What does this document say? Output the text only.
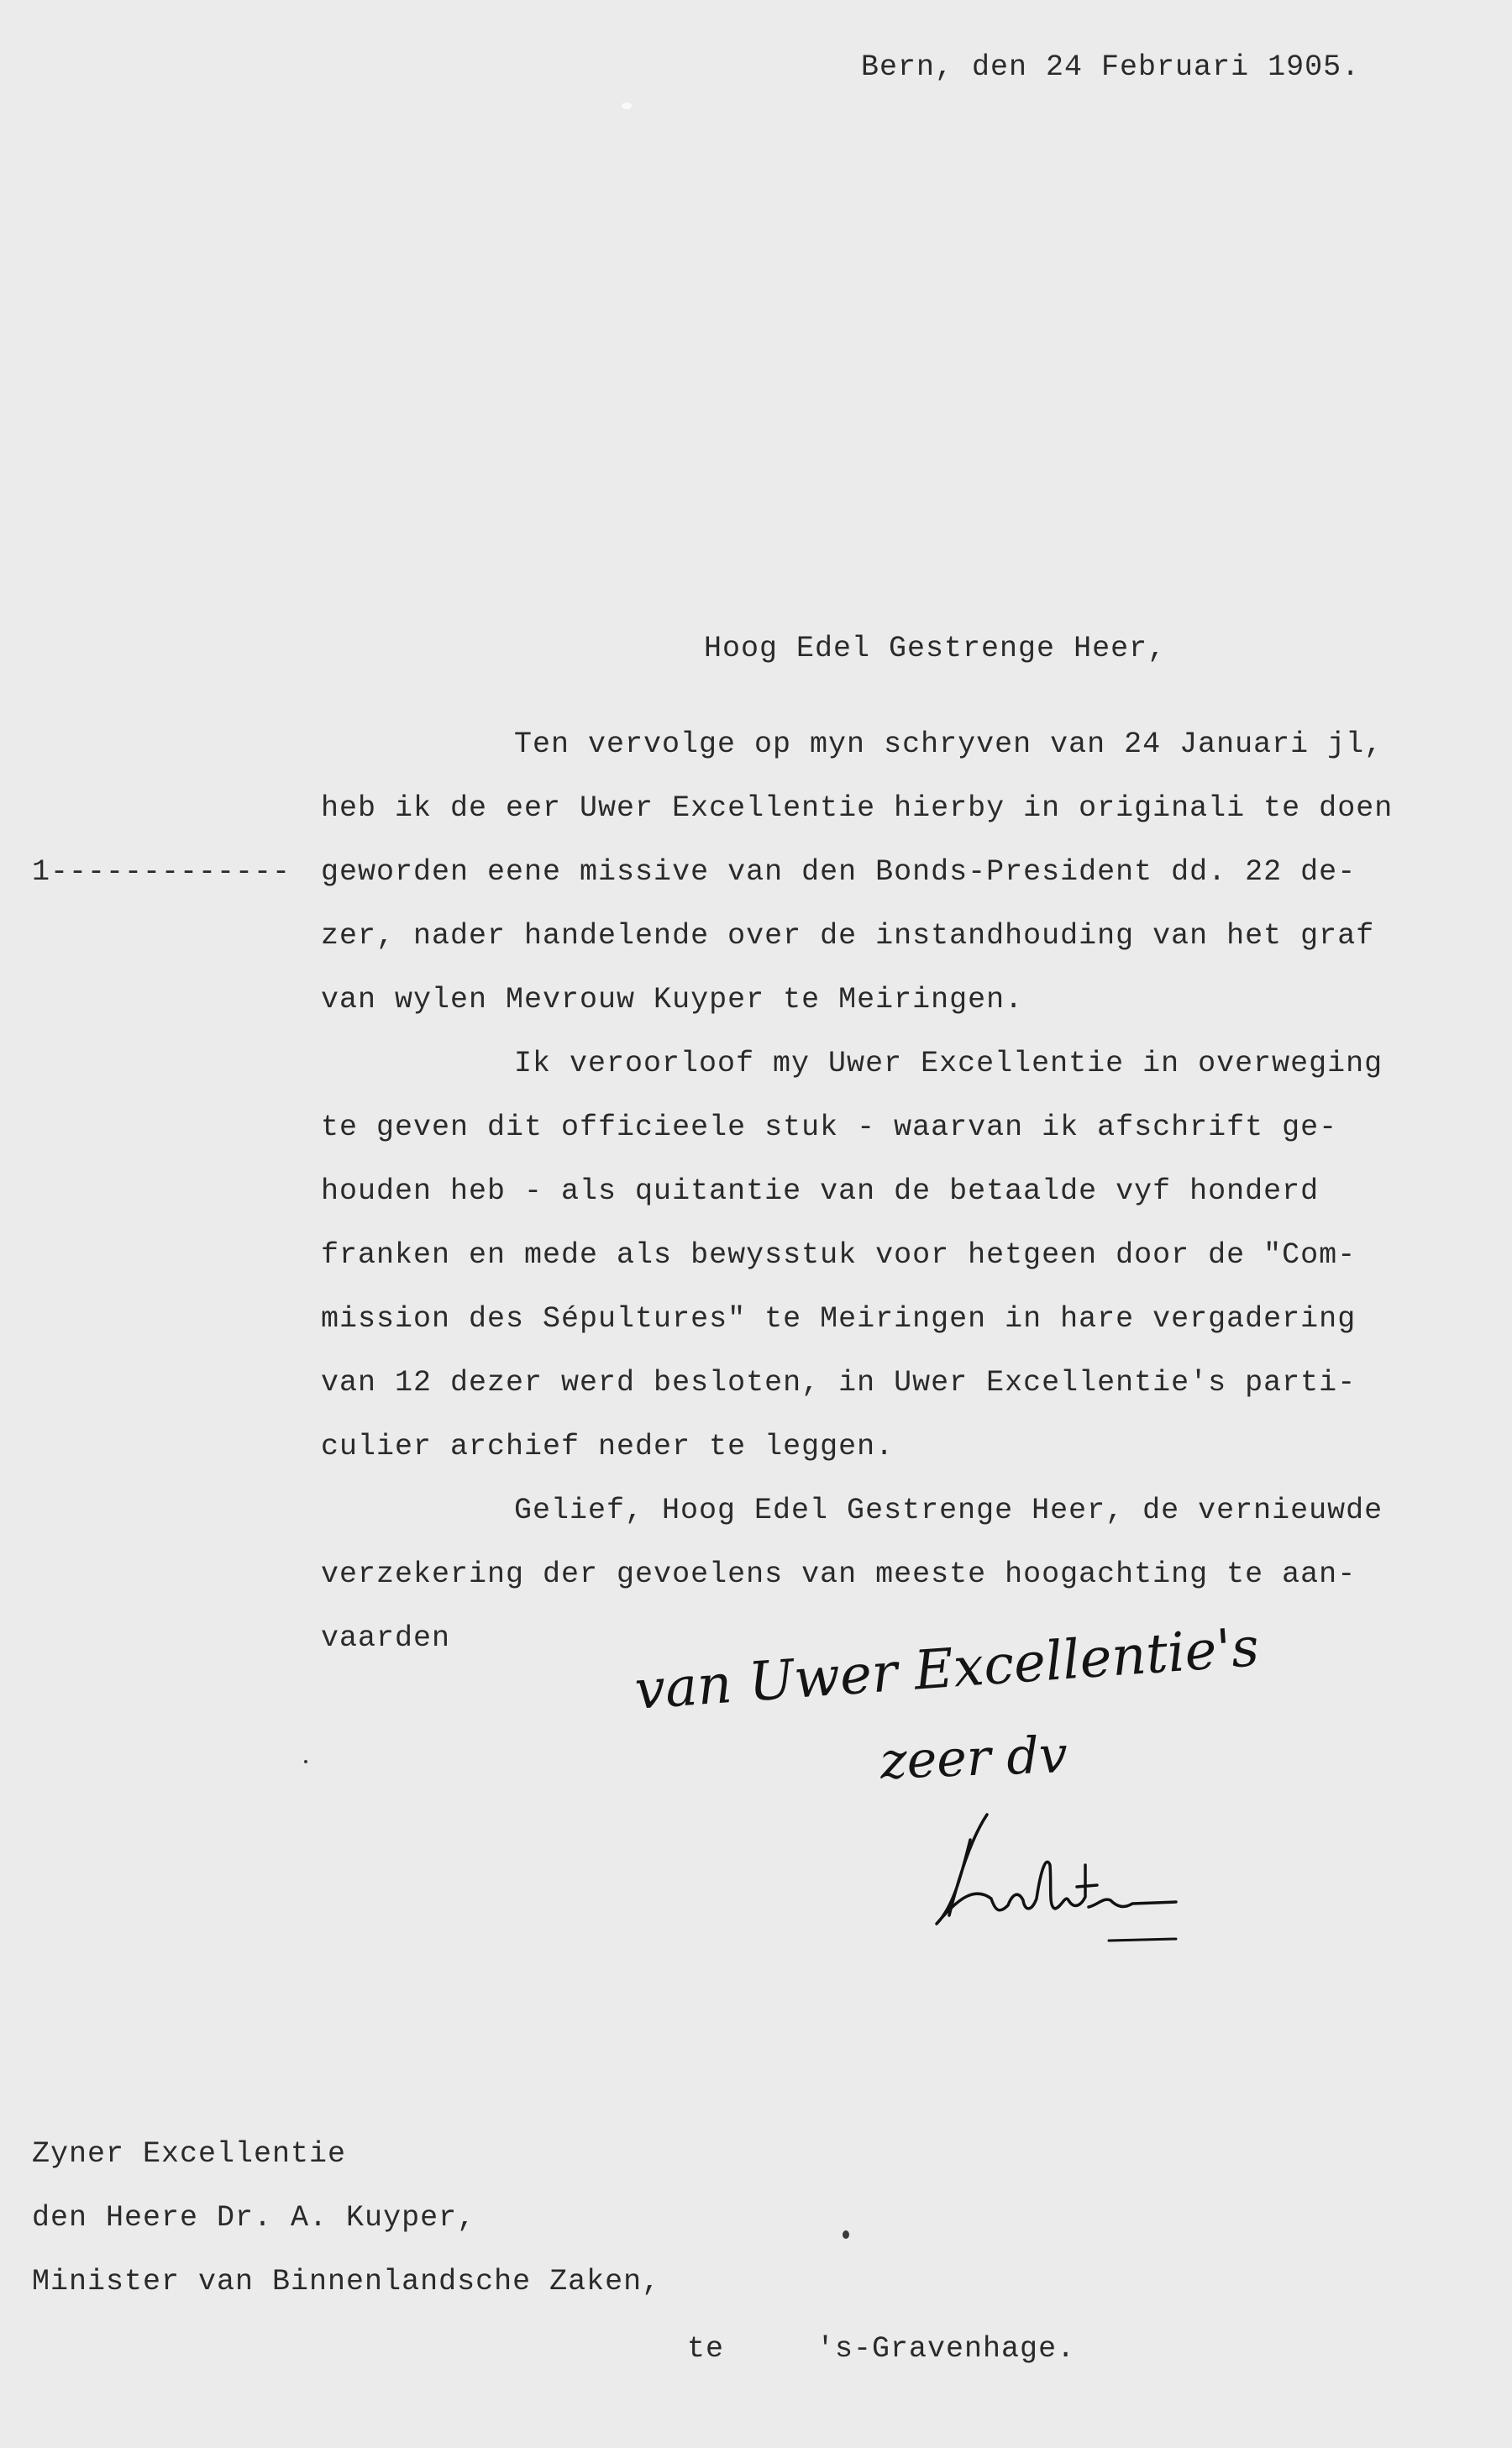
Bern, den 24 Februari 1905.
Hoog Edel Gestrenge Heer,
1-------------
Ten vervolge op myn schryven van 24 Januari jl,
heb ik de eer Uwer Excellentie hierby in originali te doen
geworden eene missive van den Bonds-President dd. 22 de-
zer, nader handelende over de instandhouding van het graf
van wylen Mevrouw Kuyper te Meiringen.
Ik veroorloof my Uwer Excellentie in overweging
te geven dit officieele stuk - waarvan ik afschrift ge-
houden heb - als quitantie van de betaalde vyf honderd
franken en mede als bewysstuk voor hetgeen door de "Com-
mission des Sépultures" te Meiringen in hare vergadering
van 12 dezer werd besloten, in Uwer Excellentie's parti-
culier archief neder te leggen.
Gelief, Hoog Edel Gestrenge Heer, de vernieuwde
verzekering der gevoelens van meeste hoogachting te aan-
vaarden	van Uwer Excellentie's
zeer dv
Zyner Excellentie
den Heere Dr. A. Kuyper,
Minister van Binnenlandsche Zaken,
te     's-Gravenhage.
